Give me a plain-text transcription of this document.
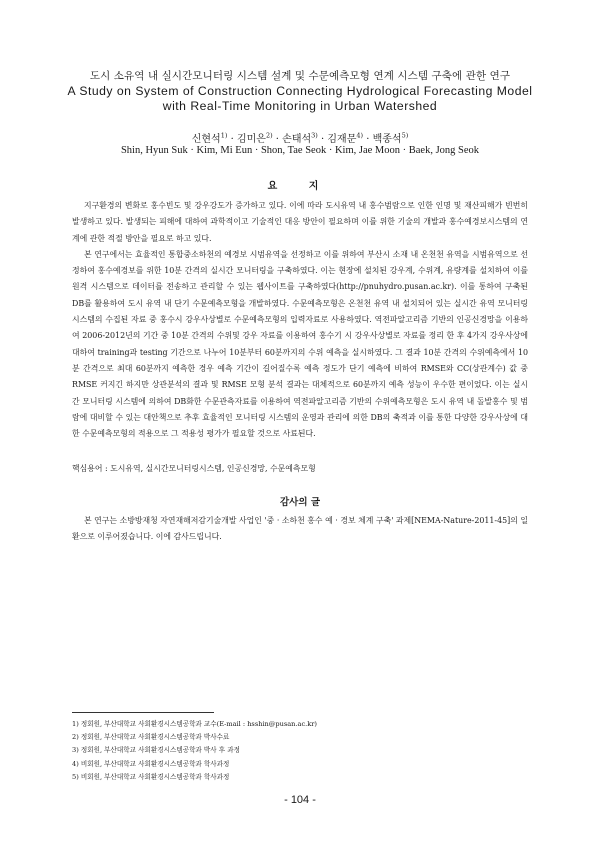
도시 소유역 내 실시간모니터링 시스템 설계 및 수문예측모형 연계 시스템 구축에 관한 연구
A Study on System of Construction Connecting Hydrological Forecasting Model
with Real-Time Monitoring in Urban Watershed
신현석$^{1)}$ · 김미은$^{2)}$ · 손태석$^{3)}$ · 김재문$^{4)}$ · 백종석$^{5)}$
Shin, Hyun Suk · Kim, Mi Eun · Shon, Tae Seok · Kim, Jae Moon · Baek, Jong Seok
요 지

지구환경의 변화로 홍수빈도 및 강우강도가 증가하고 있다. 이에 따라 도시유역 내 홍수범람으로 인한 인명 및 재산피해가 빈번히 발생하고 있다. 발생되는 피해에 대하여 과학적이고 기술적인 대응 방안이 필요하며 이를 위한 기술의 개발과 홍수예경보시스템의 연계에 관한 적절 방안을 필요로 하고 있다.

본 연구에서는 효율적인 통합중소하천의 예경보 시범유역을 선정하고 이를 위하여 부산시 소재 내 온천천 유역을 시범유역으로 선정하여 홍수예경보를 위한 10분 간격의 실시간 모니터링을 구축하였다. 이는 현장에 설치된 강우계, 수위계, 유량계를 설치하여 이를 원격 시스템으로 데이터를 전송하고 관리할 수 있는 웹사이트를 구축하였다(http://pnuhydro.pusan.ac.kr). 이를 통하여 구축된 DB를 활용하여 도시 유역 내 단기 수문예측모형을 개발하였다. 수문예측모형은 온천천 유역 내 설치되어 있는 실시간 유역 모니터링 시스템의 수집된 자료 중 홍수시 강우사상별로 수문예측모형의 입력자료로 사용하였다. 역전파알고리즘 기반의 인공신경망을 이용하여 2006-2012년의 기간 중 10분 간격의 수위및 강우 자료를 이용하여 홍수기 시 강우사상별로 자료를 정리 한 후 4가지 강우사상에 대하여 training과 testing 기간으로 나누어 10분부터 60분까지의 수위 예측을 실시하였다. 그 결과 10분 간격의 수위예측에서 10분 간격으로 최대 60분까지 예측한 경우 예측 기간이 길어질수록 예측 정도가 단기 예측에 비하여 RMSE와 CC(상관계수) 값 중 RMSE 커지긴 하지만 상관분석의 결과 및 RMSE 모형 분석 결과는 대체적으로 60분까지 예측 성능이 우수한 편이었다. 이는 실시간 모니터링 시스템에 의하여 DB화한 수문관측자료를 이용하여 역전파알고리즘 기반의 수위예측모형은 도시 유역 내 돌발홍수 및 범람에 대비할 수 있는 대안책으로 추후 효율적인 모니터링 시스템의 운영과 관리에 의한 DB의 축적과 이를 통한 다양한 강우사상에 대한 수문예측모형의 적용으로 그 적용성 평가가 필요할 것으로 사료된다.

핵심용어 : 도시유역, 실시간모니터링시스템, 인공신경망, 수문예측모형
감사의 글

본 연구는 소방방재청 자연재해저감기술개발 사업인 '중 · 소하천 홍수 예 · 경보 체계 구축' 과제[NEMA-Nature-2011-45]의 일환으로 이루어졌습니다. 이에 감사드립니다.

1) 정회원, 부산대학교 사회환경시스템공학과 교수(E-mail : hsshin@pusan.ac.kr)
2) 정회원, 부산대학교 사회환경시스템공학과 박사수료
3) 정회원, 부산대학교 사회환경시스템공학과 박사 후 과정
4) 비회원, 부산대학교 사회환경시스템공학과 학사과정
5) 비회원, 부산대학교 사회환경시스템공학과 학사과정
- 104 -
